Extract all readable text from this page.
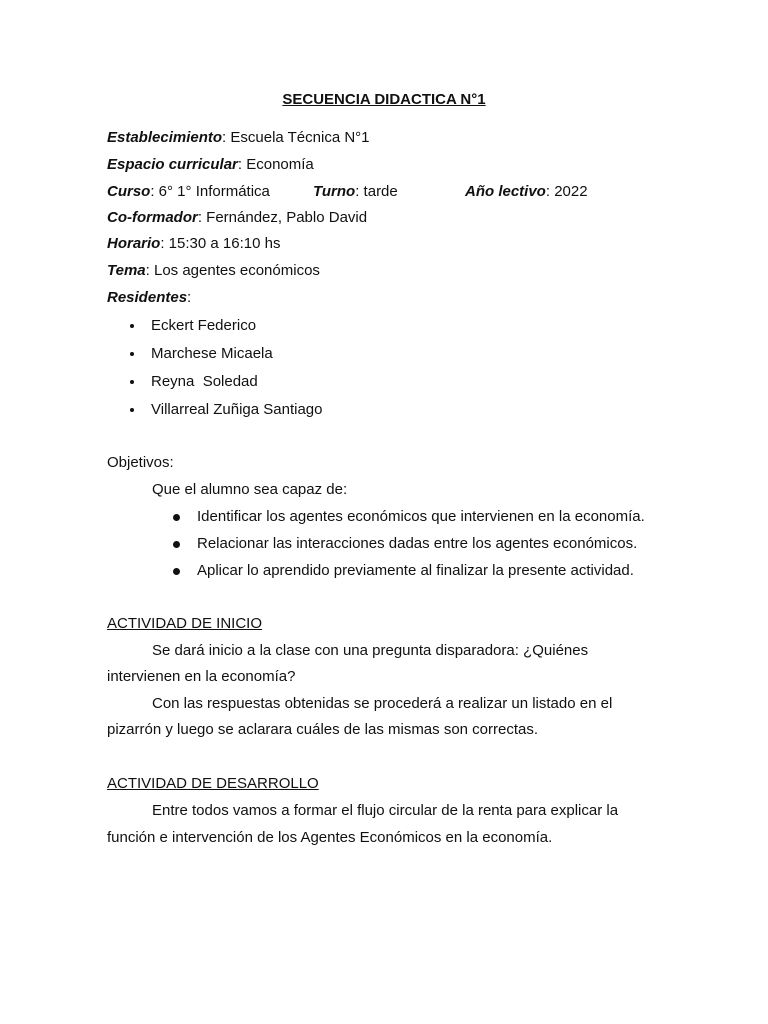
SECUENCIA DIDACTICA N°1
Establecimiento: Escuela Técnica N°1
Espacio curricular: Economía
Curso: 6° 1° Informática	Turno: tarde	Año lectivo: 2022
Co-formador: Fernández, Pablo David
Horario: 15:30 a 16:10 hs
Tema: Los agentes económicos
Residentes:
Eckert Federico
Marchese Micaela
Reyna  Soledad
Villarreal Zuñiga Santiago
Objetivos:
Que el alumno sea capaz de:
Identificar los agentes económicos que intervienen en la economía.
Relacionar las interacciones dadas entre los agentes económicos.
Aplicar lo aprendido previamente al finalizar la presente actividad.
ACTIVIDAD DE INICIO
Se dará inicio a la clase con una pregunta disparadora: ¿Quiénes
intervienen en la economía?
Con las respuestas obtenidas se procederá a realizar un listado en el
pizarrón y luego se aclarara cuáles de las mismas son correctas.
ACTIVIDAD DE DESARROLLO
Entre todos vamos a formar el flujo circular de la renta para explicar la
función e intervención de los Agentes Económicos en la economía.
